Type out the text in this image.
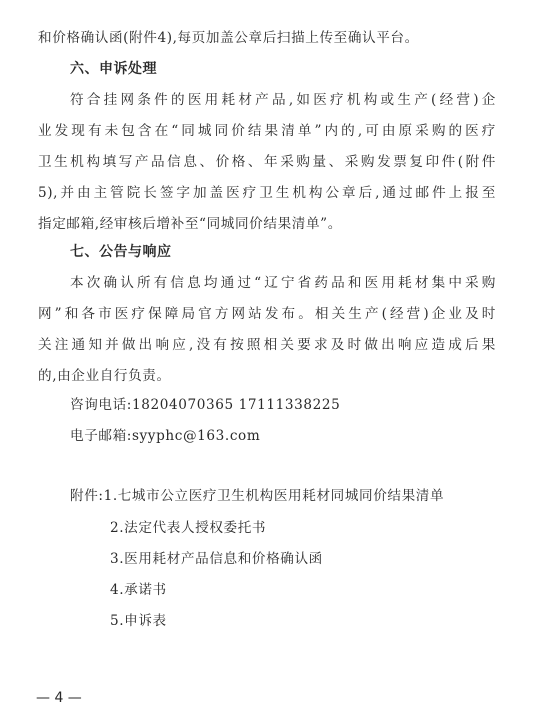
和价格确认函(附件4),每页加盖公章后扫描上传至确认平台。
六、申诉处理
符合挂网条件的医用耗材产品,如医疗机构或生产(经营)企
业发现有未包含在“同城同价结果清单”内的,可由原采购的医疗
卫生机构填写产品信息、价格、年采购量、采购发票复印件(附件
5),并由主管院长签字加盖医疗卫生机构公章后,通过邮件上报至
指定邮箱,经审核后增补至“同城同价结果清单”。
七、公告与响应
本次确认所有信息均通过“辽宁省药品和医用耗材集中采购
网”和各市医疗保障局官方网站发布。相关生产(经营)企业及时
关注通知并做出响应,没有按照相关要求及时做出响应造成后果
的,由企业自行负责。
咨询电话:18204070365 17111338225
电子邮箱:syyphc@163.com
附件:1.七城市公立医疗卫生机构医用耗材同城同价结果清单
2.法定代表人授权委托书
3.医用耗材产品信息和价格确认函
4.承诺书
5.申诉表
— 4 —
